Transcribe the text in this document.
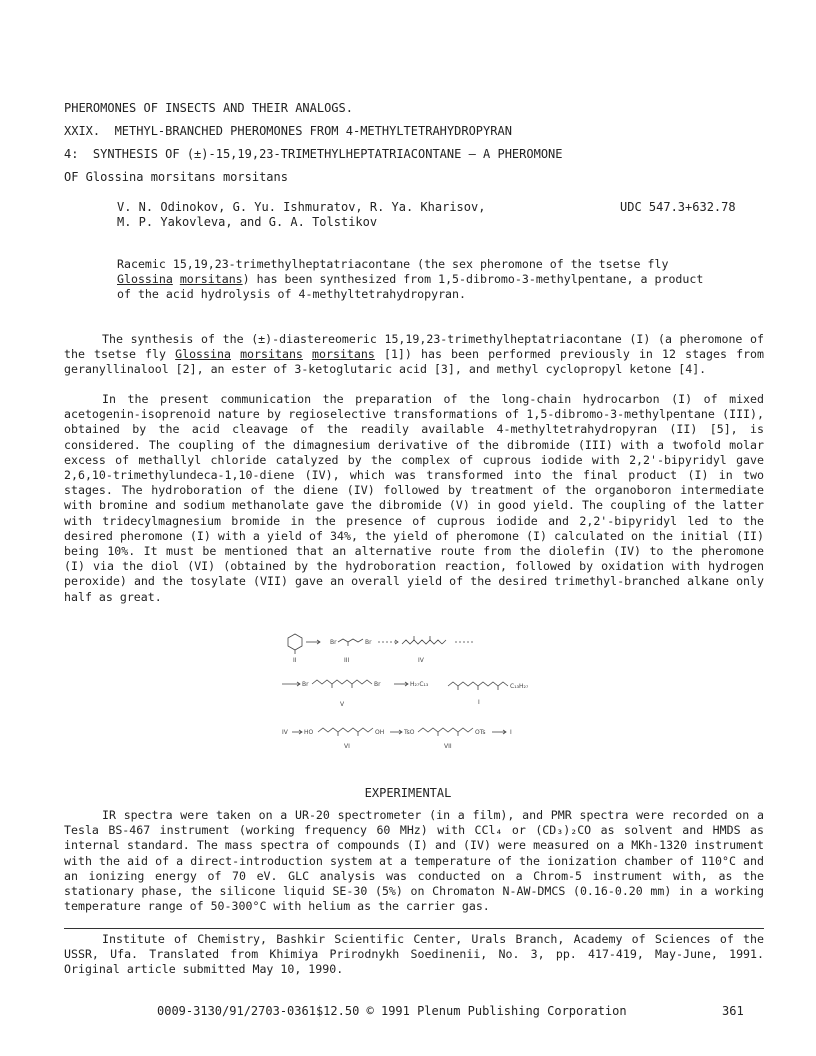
PHEROMONES OF INSECTS AND THEIR ANALOGS.
XXIX.  METHYL-BRANCHED PHEROMONES FROM 4-METHYLTETRAHYDROPYRAN
4:  SYNTHESIS OF (±)-15,19,23-TRIMETHYLHEPTATRIACONTANE — A PHEROMONE
OF Glossina morsitans morsitans
V. N. Odinokov, G. Yu. Ishmuratov, R. Ya. Kharisov,
M. P. Yakovleva, and G. A. Tolstikov
UDC 547.3+632.78
Racemic 15,19,23-trimethylheptatriacontane (the sex pheromone of the tsetse fly Glossina morsitans) has been synthesized from 1,5-dibromo-3-methylpentane, a product of the acid hydrolysis of 4-methyltetrahydropyran.
The synthesis of the (±)-diastereomeric 15,19,23-trimethylheptatriacontane (I) (a pheromone of the tsetse fly Glossina morsitans morsitans [1]) has been performed previously in 12 stages from geranyllinalool [2], an ester of 3-ketoglutaric acid [3], and methyl cyclopropyl ketone [4].
In the present communication the preparation of the long-chain hydrocarbon (I) of mixed acetogenin-isoprenoid nature by regioselective transformations of 1,5-dibromo-3-methylpentane (III), obtained by the acid cleavage of the readily available 4-methyltetrahydropyran (II) [5], is considered. The coupling of the dimagnesium derivative of the dibromide (III) with a twofold molar excess of methallyl chloride catalyzed by the complex of cuprous iodide with 2,2'-bipyridyl gave 2,6,10-trimethylundeca-1,10-diene (IV), which was transformed into the final product (I) in two stages. The hydroboration of the diene (IV) followed by treatment of the organoboron intermediate with bromine and sodium methanolate gave the dibromide (V) in good yield. The coupling of the latter with tridecylmagnesium bromide in the presence of cuprous iodide and 2,2'-bipyridyl led to the desired pheromone (I) with a yield of 34%, the yield of pheromone (I) calculated on the initial (II) being 10%. It must be mentioned that an alternative route from the diolefin (IV) to the pheromone (I) via the diol (VI) (obtained by the hydroboration reaction, followed by oxidation with hydrogen peroxide) and the tosylate (VII) gave an overall yield of the desired trimethyl-branched alkane only half as great.
II	III
Br	Br
IV
Br	Br
V
H₂₇C₁₃	C₁₃H₂₇
I
IV	HO	OH	TsO	OTs	I
VI	VII
EXPERIMENTAL
IR spectra were taken on a UR-20 spectrometer (in a film), and PMR spectra were recorded on a Tesla BS-467 instrument (working frequency 60 MHz) with CCl₄ or (CD₃)₂CO as solvent and HMDS as internal standard. The mass spectra of compounds (I) and (IV) were measured on a MKh-1320 instrument with the aid of a direct-introduction system at a temperature of the ionization chamber of 110°C and an ionizing energy of 70 eV. GLC analysis was conducted on a Chrom-5 instrument with, as the stationary phase, the silicone liquid SE-30 (5%) on Chromaton N-AW-DMCS (0.16-0.20 mm) in a working temperature range of 50-300°C with helium as the carrier gas.
Institute of Chemistry, Bashkir Scientific Center, Urals Branch, Academy of Sciences of the USSR, Ufa. Translated from Khimiya Prirodnykh Soedinenii, No. 3, pp. 417-419, May-June, 1991. Original article submitted May 10, 1990.
0009-3130/91/2703-0361$12.50 © 1991 Plenum Publishing Corporation	361
